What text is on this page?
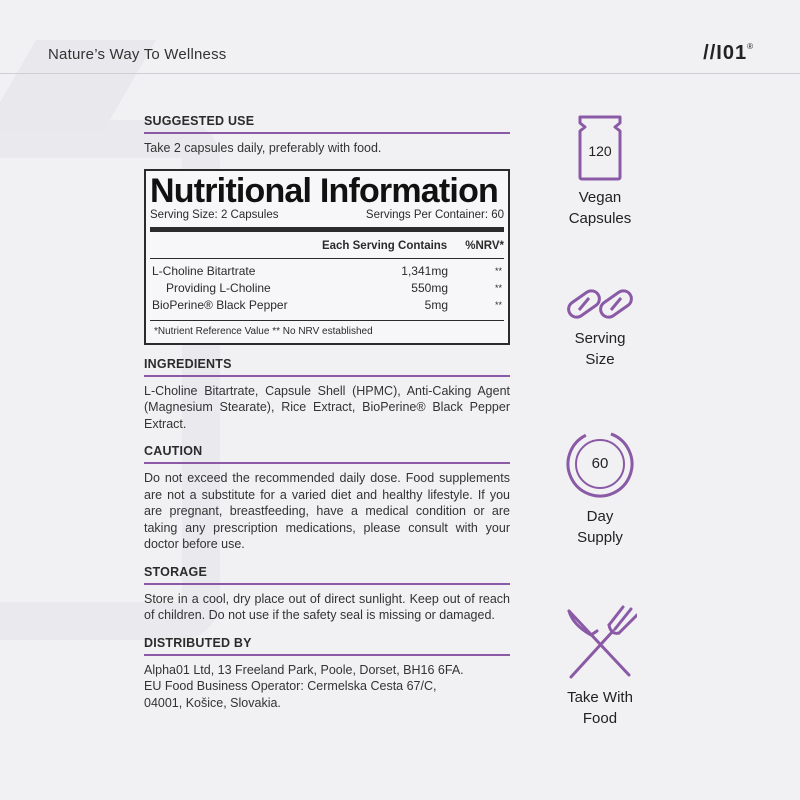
Nature’s Way To Wellness	//Ι01®
SUGGESTED USE
Take 2 capsules daily, preferably with food.
Nutritional Information
Serving Size: 2 Capsules	Servings Per Container: 60
Each Serving Contains %NRV*
L-Choline Bitartrate	1,341mg	**
Providing L-Choline	550mg	**
BioPerine® Black Pepper	5mg	**
*Nutrient Reference Value ** No NRV established
INGREDIENTS
L-Choline Bitartrate, Capsule Shell (HPMC), Anti-Caking Agent (Magnesium Stearate), Rice Extract, BioPerine® Black Pepper Extract.
CAUTION
Do not exceed the recommended daily dose. Food supplements are not a substitute for a varied diet and healthy lifestyle. If you are pregnant, breastfeeding, have a medical condition or are taking any prescription medications, please consult with your doctor before use.
STORAGE
Store in a cool, dry place out of direct sunlight. Keep out of reach of children. Do not use if the safety seal is missing or damaged.
DISTRIBUTED BY
Alpha01 Ltd, 13 Freeland Park, Poole, Dorset, BH16 6FA.
EU Food Business Operator: Cermelska Cesta 67/C,
04001, Košice, Slovakia.
120
Vegan
Capsules
Serving
Size
60
Day
Supply
Take With
Food
